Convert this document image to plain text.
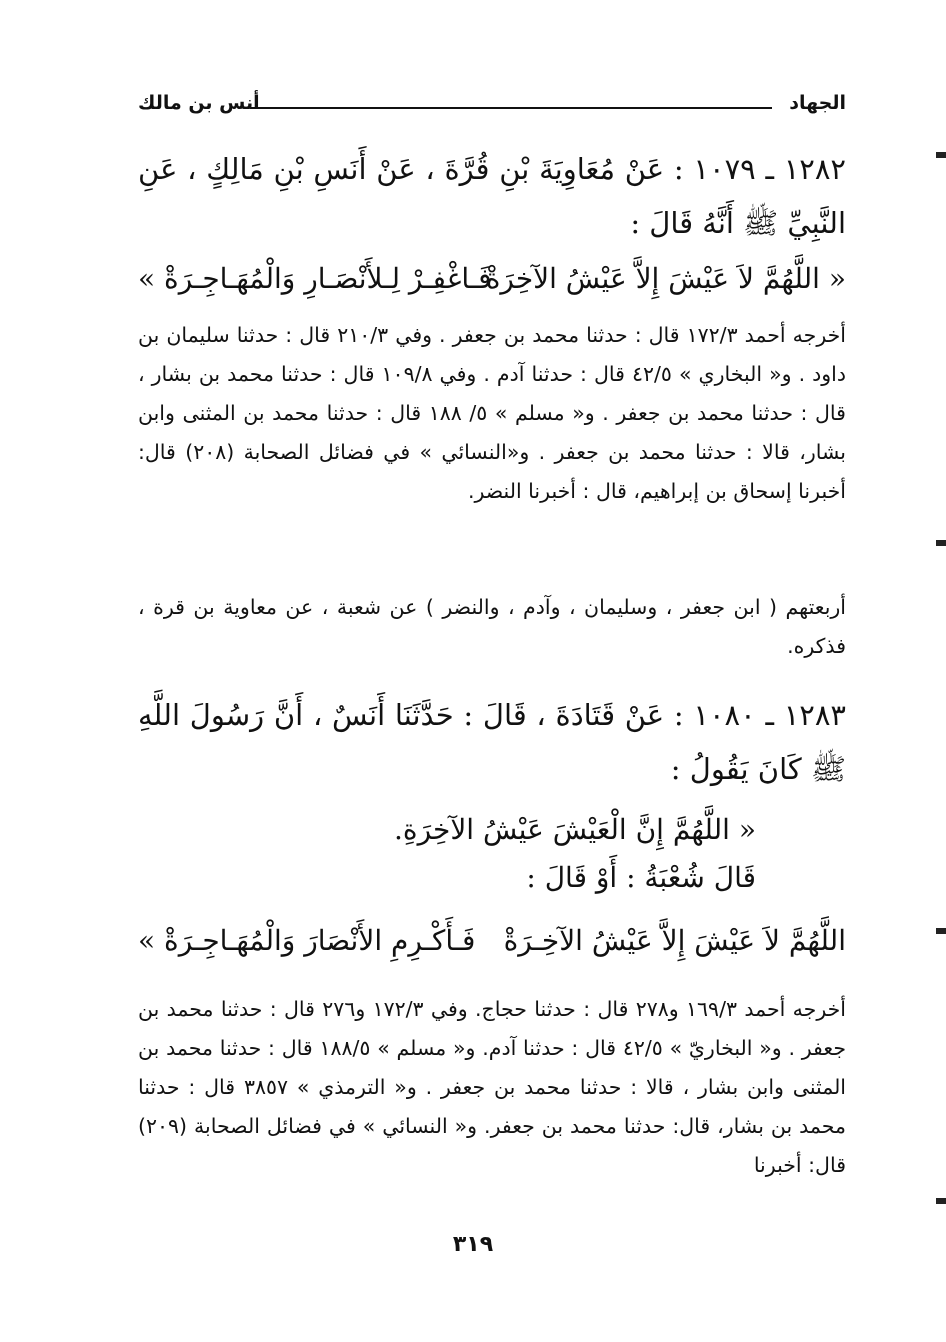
الجهاد
أنس بن مالك
١٢٨٢ ـ ١٠٧٩ : عَنْ مُعَاوِيَةَ بْنِ قُرَّةَ ، عَنْ أَنَسِ بْنِ مَالِكٍ ، عَنِ النَّبِيِّ ﷺ أَنَّهُ قَالَ :
« اللَّهُمَّ لاَ عَيْشَ إِلاَّ عَيْشُ الآخِرَةْ
فَـاغْفِـرْ لِـلأَنْصَـارِ وَالْمُهَـاجِـرَةْ »
أخرجه أحمد ١٧٢/٣ قال : حدثنا محمد بن جعفر . وفي ٢١٠/٣ قال : حدثنا سليمان بن داود . و« البخاري » ٤٢/٥ قال : حدثنا آدم . وفي ١٠٩/٨ قال : حدثنا محمد بن بشار ، قال : حدثنا محمد بن جعفر . و« مسلم » ٥/ ١٨٨ قال : حدثنا محمد بن المثنى وابن بشار، قالا : حدثنا محمد بن جعفر . و«النسائي » في فضائل الصحابة (٢٠٨) قال: أخبرنا إسحاق بن إبراهيم، قال : أخبرنا النضر.
أربعتهم ( ابن جعفر ، وسليمان ، وآدم ، والنضر ) عن شعبة ، عن معاوية بن قرة ، فذكره.
١٢٨٣ ـ ١٠٨٠ : عَنْ قَتَادَةَ ، قَالَ : حَدَّثَنَا أَنَسٌ ، أَنَّ رَسُولَ اللَّهِ ﷺ كَانَ يَقُولُ :
« اللَّهُمَّ إِنَّ الْعَيْشَ عَيْشُ الآخِرَةِ.
قَالَ شُعْبَةُ : أَوْ قَالَ :
اللَّهُمَّ لاَ عَيْشَ إِلاَّ عَيْشُ الآخِـرَةْ
فَـأَكْـرِمِ الأَنْصَارَ وَالْمُهَـاجِـرَةْ »
أخرجه أحمد ١٦٩/٣ و٢٧٨ قال : حدثنا حجاج. وفي ١٧٢/٣ و٢٧٦ قال : حدثنا محمد بن جعفر . و« البخاريّ » ٤٢/٥ قال : حدثنا آدم. و« مسلم » ١٨٨/٥ قال : حدثنا محمد بن المثنى وابن بشار ، قالا : حدثنا محمد بن جعفر . و« الترمذي » ٣٨٥٧ قال : حدثنا محمد بن بشار، قال: حدثنا محمد بن جعفر. و« النسائي » في فضائل الصحابة (٢٠٩) قال: أخبرنا
٣١٩
